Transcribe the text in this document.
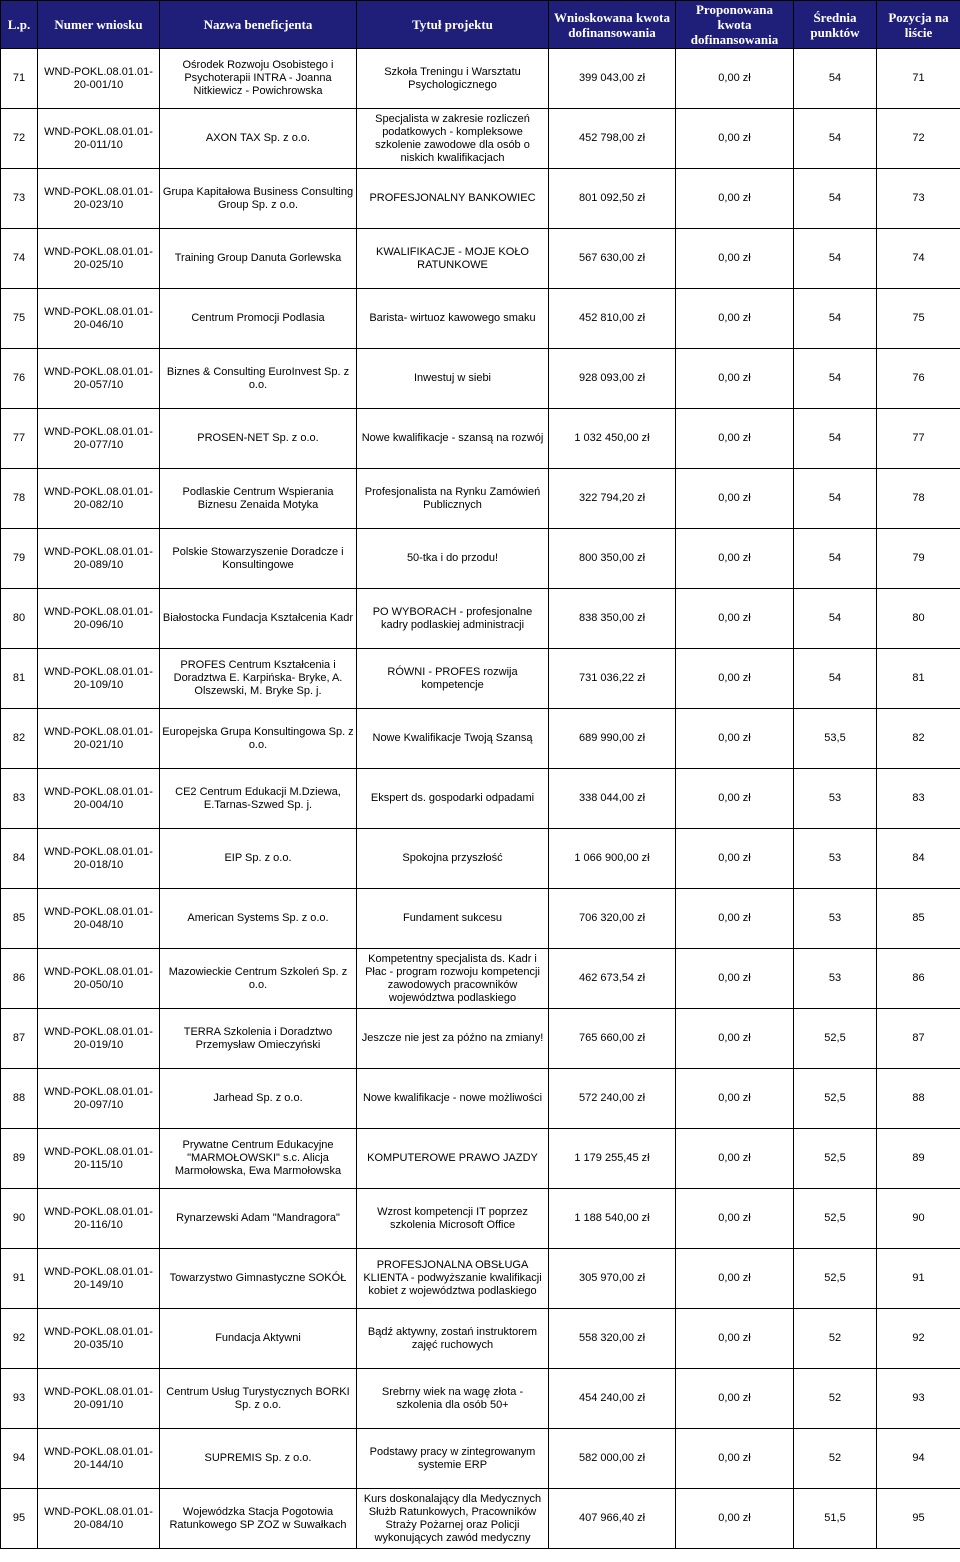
L.p.	Numer wniosku	Nazwa beneficjenta	Tytuł projektu	Wnioskowana kwota dofinansowania	Proponowana kwota dofinansowania	Średnia punktów	Pozycja na liście
71	WND-POKL.08.01.01-20-001/10	Ośrodek Rozwoju Osobistego i Psychoterapii INTRA - Joanna Nitkiewicz - Powichrowska	Szkoła Treningu i Warsztatu Psychologicznego	399 043,00 zł	0,00 zł	54	71
72	WND-POKL.08.01.01-20-011/10	AXON TAX Sp. z o.o.	Specjalista w zakresie rozliczeń podatkowych - kompleksowe szkolenie zawodowe dla osób o niskich kwalifikacjach	452 798,00 zł	0,00 zł	54	72
73	WND-POKL.08.01.01-20-023/10	Grupa Kapitałowa Business Consulting Group Sp. z o.o.	PROFESJONALNY BANKOWIEC	801 092,50 zł	0,00 zł	54	73
74	WND-POKL.08.01.01-20-025/10	Training Group Danuta Gorlewska	KWALIFIKACJE - MOJE KOŁO RATUNKOWE	567 630,00 zł	0,00 zł	54	74
75	WND-POKL.08.01.01-20-046/10	Centrum Promocji Podlasia	Barista- wirtuoz kawowego smaku	452 810,00 zł	0,00 zł	54	75
76	WND-POKL.08.01.01-20-057/10	Biznes & Consulting EuroInvest Sp. z o.o.	Inwestuj w siebi	928 093,00 zł	0,00 zł	54	76
77	WND-POKL.08.01.01-20-077/10	PROSEN-NET Sp. z o.o.	Nowe kwalifikacje - szansą na rozwój	1 032 450,00 zł	0,00 zł	54	77
78	WND-POKL.08.01.01-20-082/10	Podlaskie Centrum Wspierania Biznesu Zenaida Motyka	Profesjonalista na Rynku Zamówień Publicznych	322 794,20 zł	0,00 zł	54	78
79	WND-POKL.08.01.01-20-089/10	Polskie Stowarzyszenie Doradcze i Konsultingowe	50-tka i do przodu!	800 350,00 zł	0,00 zł	54	79
80	WND-POKL.08.01.01-20-096/10	Białostocka Fundacja Kształcenia Kadr	PO WYBORACH - profesjonalne kadry podlaskiej administracji	838 350,00 zł	0,00 zł	54	80
81	WND-POKL.08.01.01-20-109/10	PROFES Centrum Kształcenia i Doradztwa E. Karpińska- Bryke, A. Olszewski, M. Bryke Sp. j.	RÓWNI - PROFES rozwija kompetencje	731 036,22 zł	0,00 zł	54	81
82	WND-POKL.08.01.01-20-021/10	Europejska Grupa Konsultingowa Sp. z o.o.	Nowe Kwalifikacje Twoją Szansą	689 990,00 zł	0,00 zł	53,5	82
83	WND-POKL.08.01.01-20-004/10	CE2 Centrum Edukacji M.Dziewa, E.Tarnas-Szwed Sp. j.	Ekspert ds. gospodarki odpadami	338 044,00 zł	0,00 zł	53	83
84	WND-POKL.08.01.01-20-018/10	EIP Sp. z o.o.	Spokojna przyszłość	1 066 900,00 zł	0,00 zł	53	84
85	WND-POKL.08.01.01-20-048/10	American Systems Sp. z o.o.	Fundament sukcesu	706 320,00 zł	0,00 zł	53	85
86	WND-POKL.08.01.01-20-050/10	Mazowieckie Centrum Szkoleń Sp. z o.o.	Kompetentny specjalista ds. Kadr i Płac - program rozwoju kompetencji zawodowych pracowników województwa podlaskiego	462 673,54 zł	0,00 zł	53	86
87	WND-POKL.08.01.01-20-019/10	TERRA Szkolenia i Doradztwo Przemysław Omieczyński	Jeszcze nie jest za późno na zmiany!	765 660,00 zł	0,00 zł	52,5	87
88	WND-POKL.08.01.01-20-097/10	Jarhead Sp. z o.o.	Nowe kwalifikacje - nowe możliwości	572 240,00 zł	0,00 zł	52,5	88
89	WND-POKL.08.01.01-20-115/10	Prywatne Centrum Edukacyjne "MARMOŁOWSKI" s.c. Alicja Marmołowska, Ewa Marmołowska	KOMPUTEROWE PRAWO JAZDY	1 179 255,45 zł	0,00 zł	52,5	89
90	WND-POKL.08.01.01-20-116/10	Rynarzewski Adam "Mandragora"	Wzrost kompetencji IT poprzez szkolenia Microsoft Office	1 188 540,00 zł	0,00 zł	52,5	90
91	WND-POKL.08.01.01-20-149/10	Towarzystwo Gimnastyczne SOKÓŁ	PROFESJONALNA OBSŁUGA KLIENTA - podwyższanie kwalifikacji kobiet z województwa podlaskiego	305 970,00 zł	0,00 zł	52,5	91
92	WND-POKL.08.01.01-20-035/10	Fundacja Aktywni	Bądź aktywny, zostań instruktorem zajęć ruchowych	558 320,00 zł	0,00 zł	52	92
93	WND-POKL.08.01.01-20-091/10	Centrum Usług Turystycznych BORKI Sp. z o.o.	Srebrny wiek na wagę złota - szkolenia dla osób 50+	454 240,00 zł	0,00 zł	52	93
94	WND-POKL.08.01.01-20-144/10	SUPREMIS Sp. z o.o.	Podstawy pracy w zintegrowanym systemie ERP	582 000,00 zł	0,00 zł	52	94
95	WND-POKL.08.01.01-20-084/10	Wojewódzka Stacja Pogotowia Ratunkowego SP ZOZ w Suwałkach	Kurs doskonalający dla Medycznych Służb Ratunkowych, Pracowników Straży Pożarnej oraz Policji wykonujących zawód medyczny	407 966,40 zł	0,00 zł	51,5	95
